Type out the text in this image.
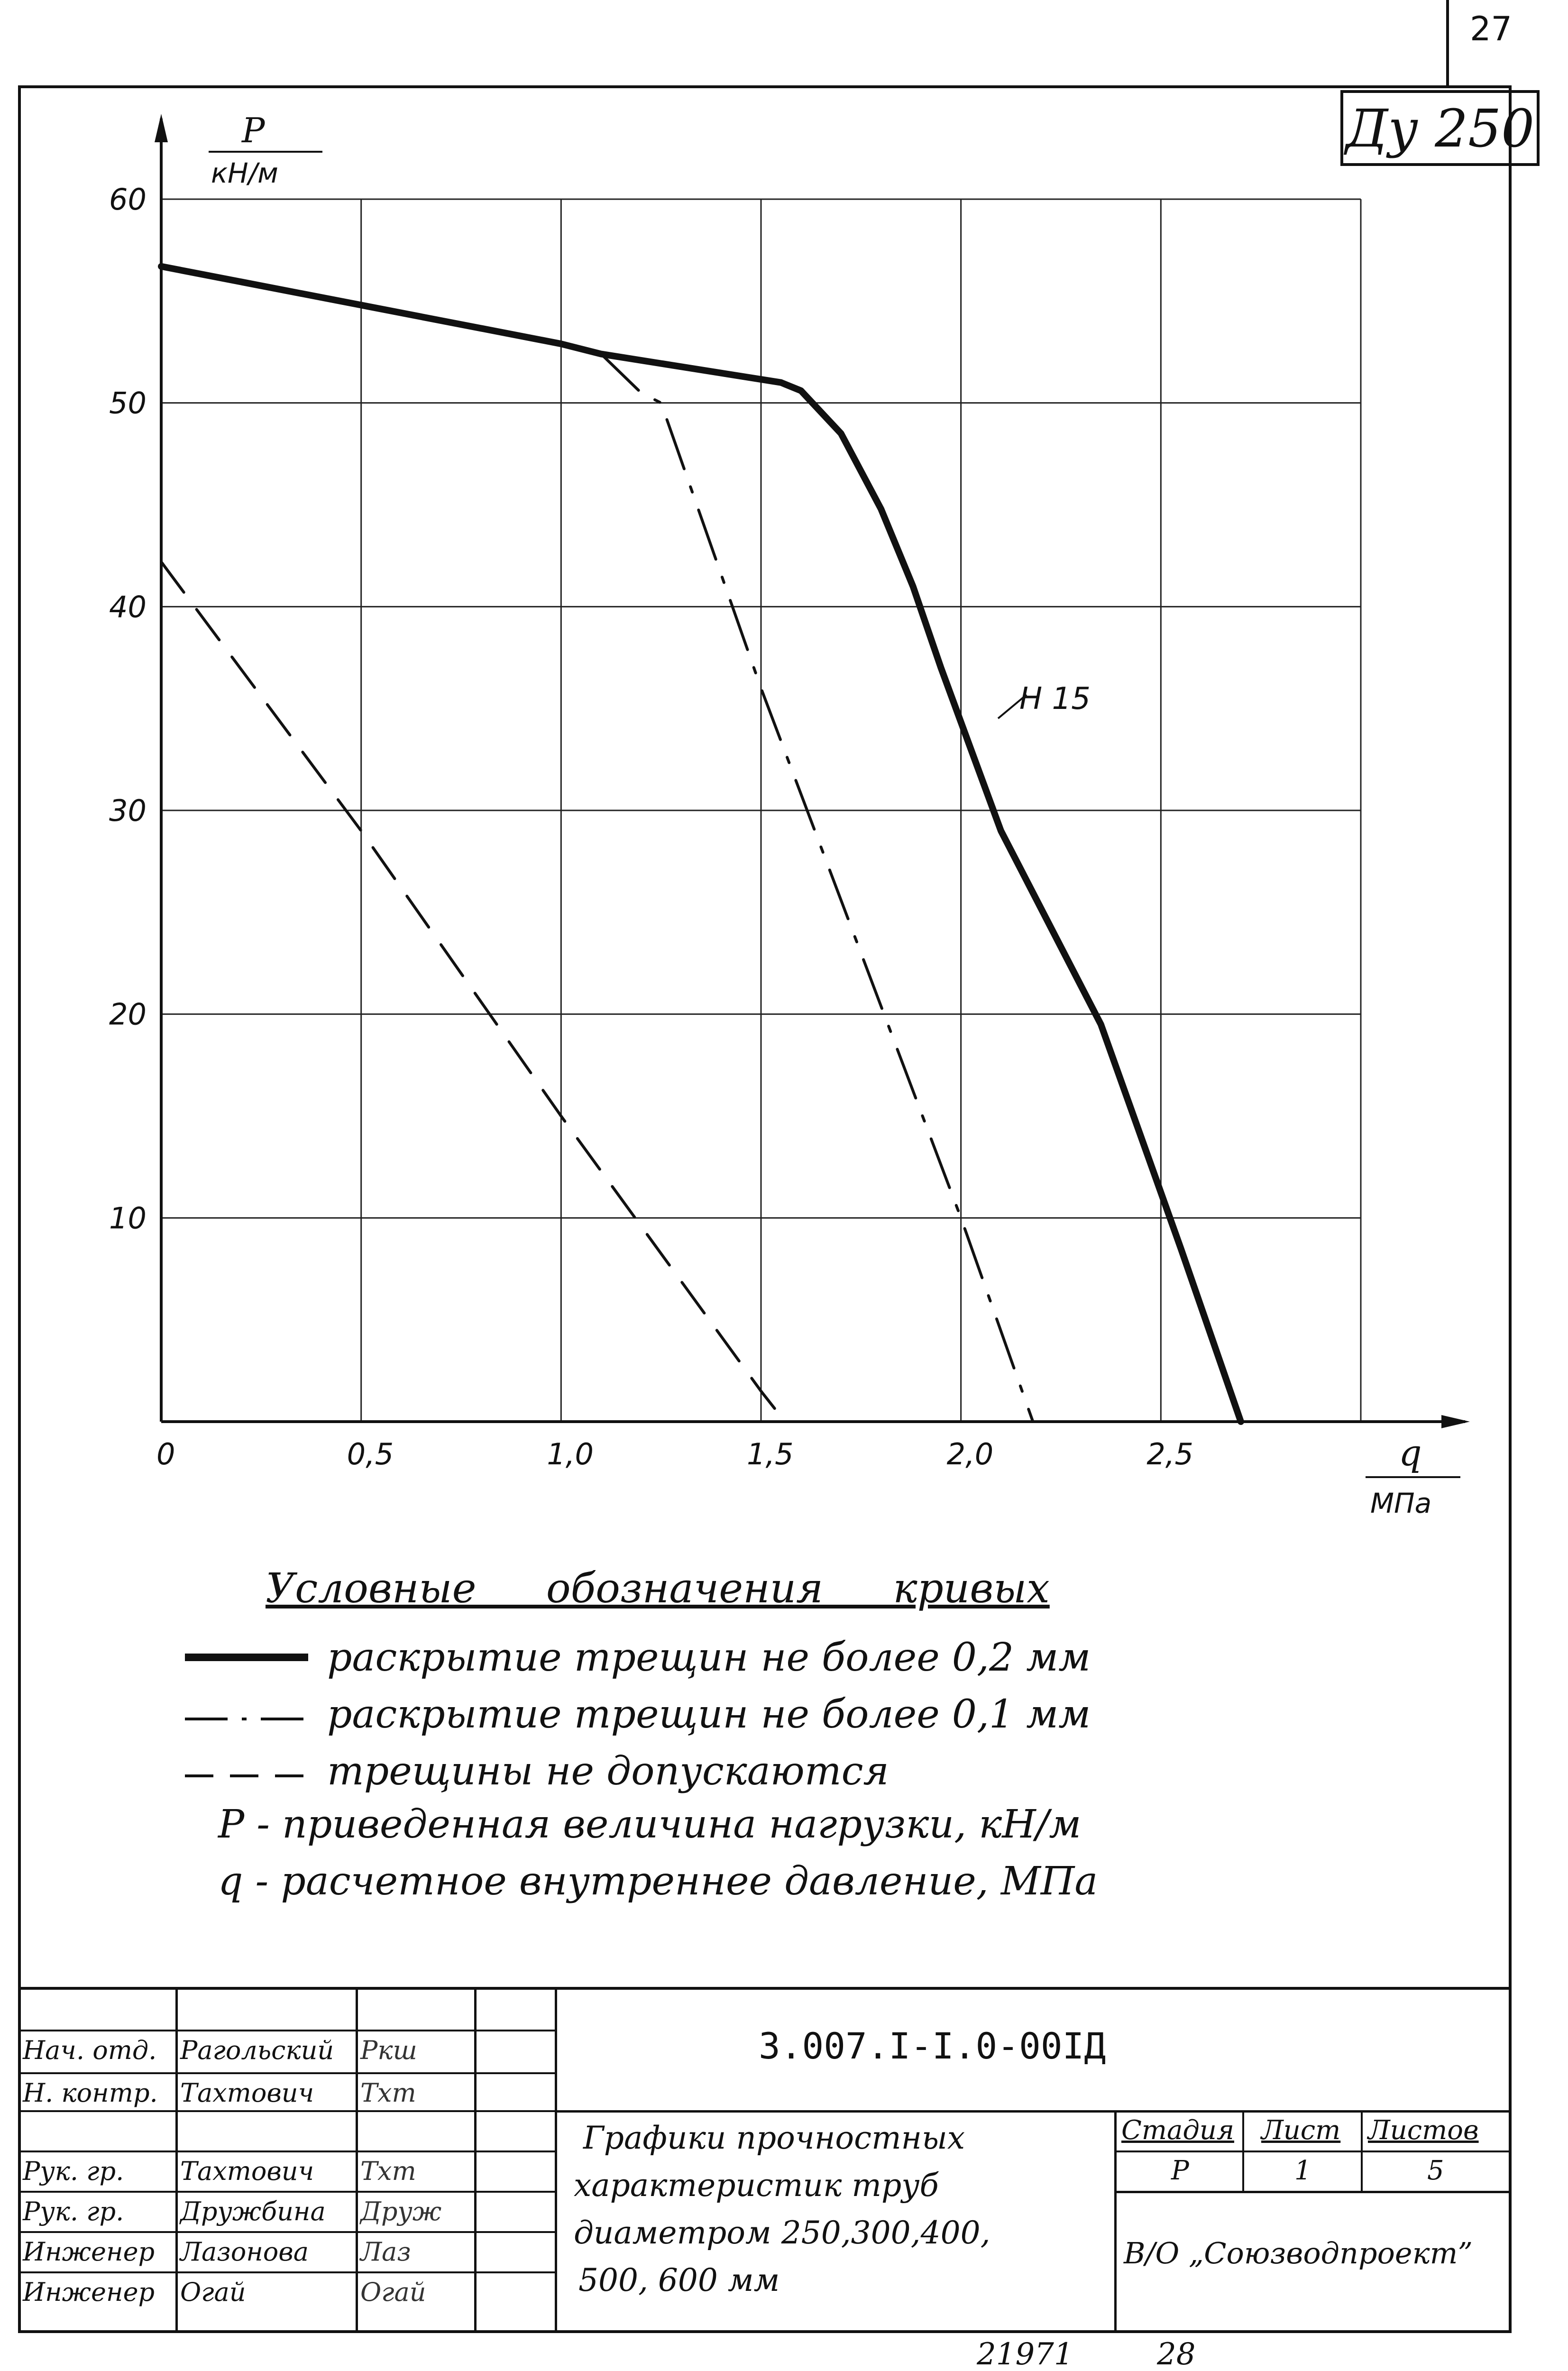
27
Ду 250
0	0,5	1,0	1,5	2,0	2,5
60
50
40
30
20
10
P
кН/м
q
МПа
Н 15
Условные обозначения кривых
раскрытие трещин не более 0,2 мм
раскрытие трещин не более 0,1 мм
трещины не допускаются
Р - приведенная величина нагрузки, кН/м
q - расчетное внутреннее давление, МПа
3.007.I-I.0-00IД
Графики прочностных
характеристик труб
диаметром 250,300,400,
500, 600 мм
Стадия Лист Листов
Р	1	5
В/О „Союзводпроект”
Нач. отд. Рагольский Ркш
Н. контр. Тахтович Тхт
Рук. гр. Тахтович Тхт
Рук. гр. Дружбина Друж
Инженер Лазонова Лаз
Инженер Огай	Огай
21971	28
